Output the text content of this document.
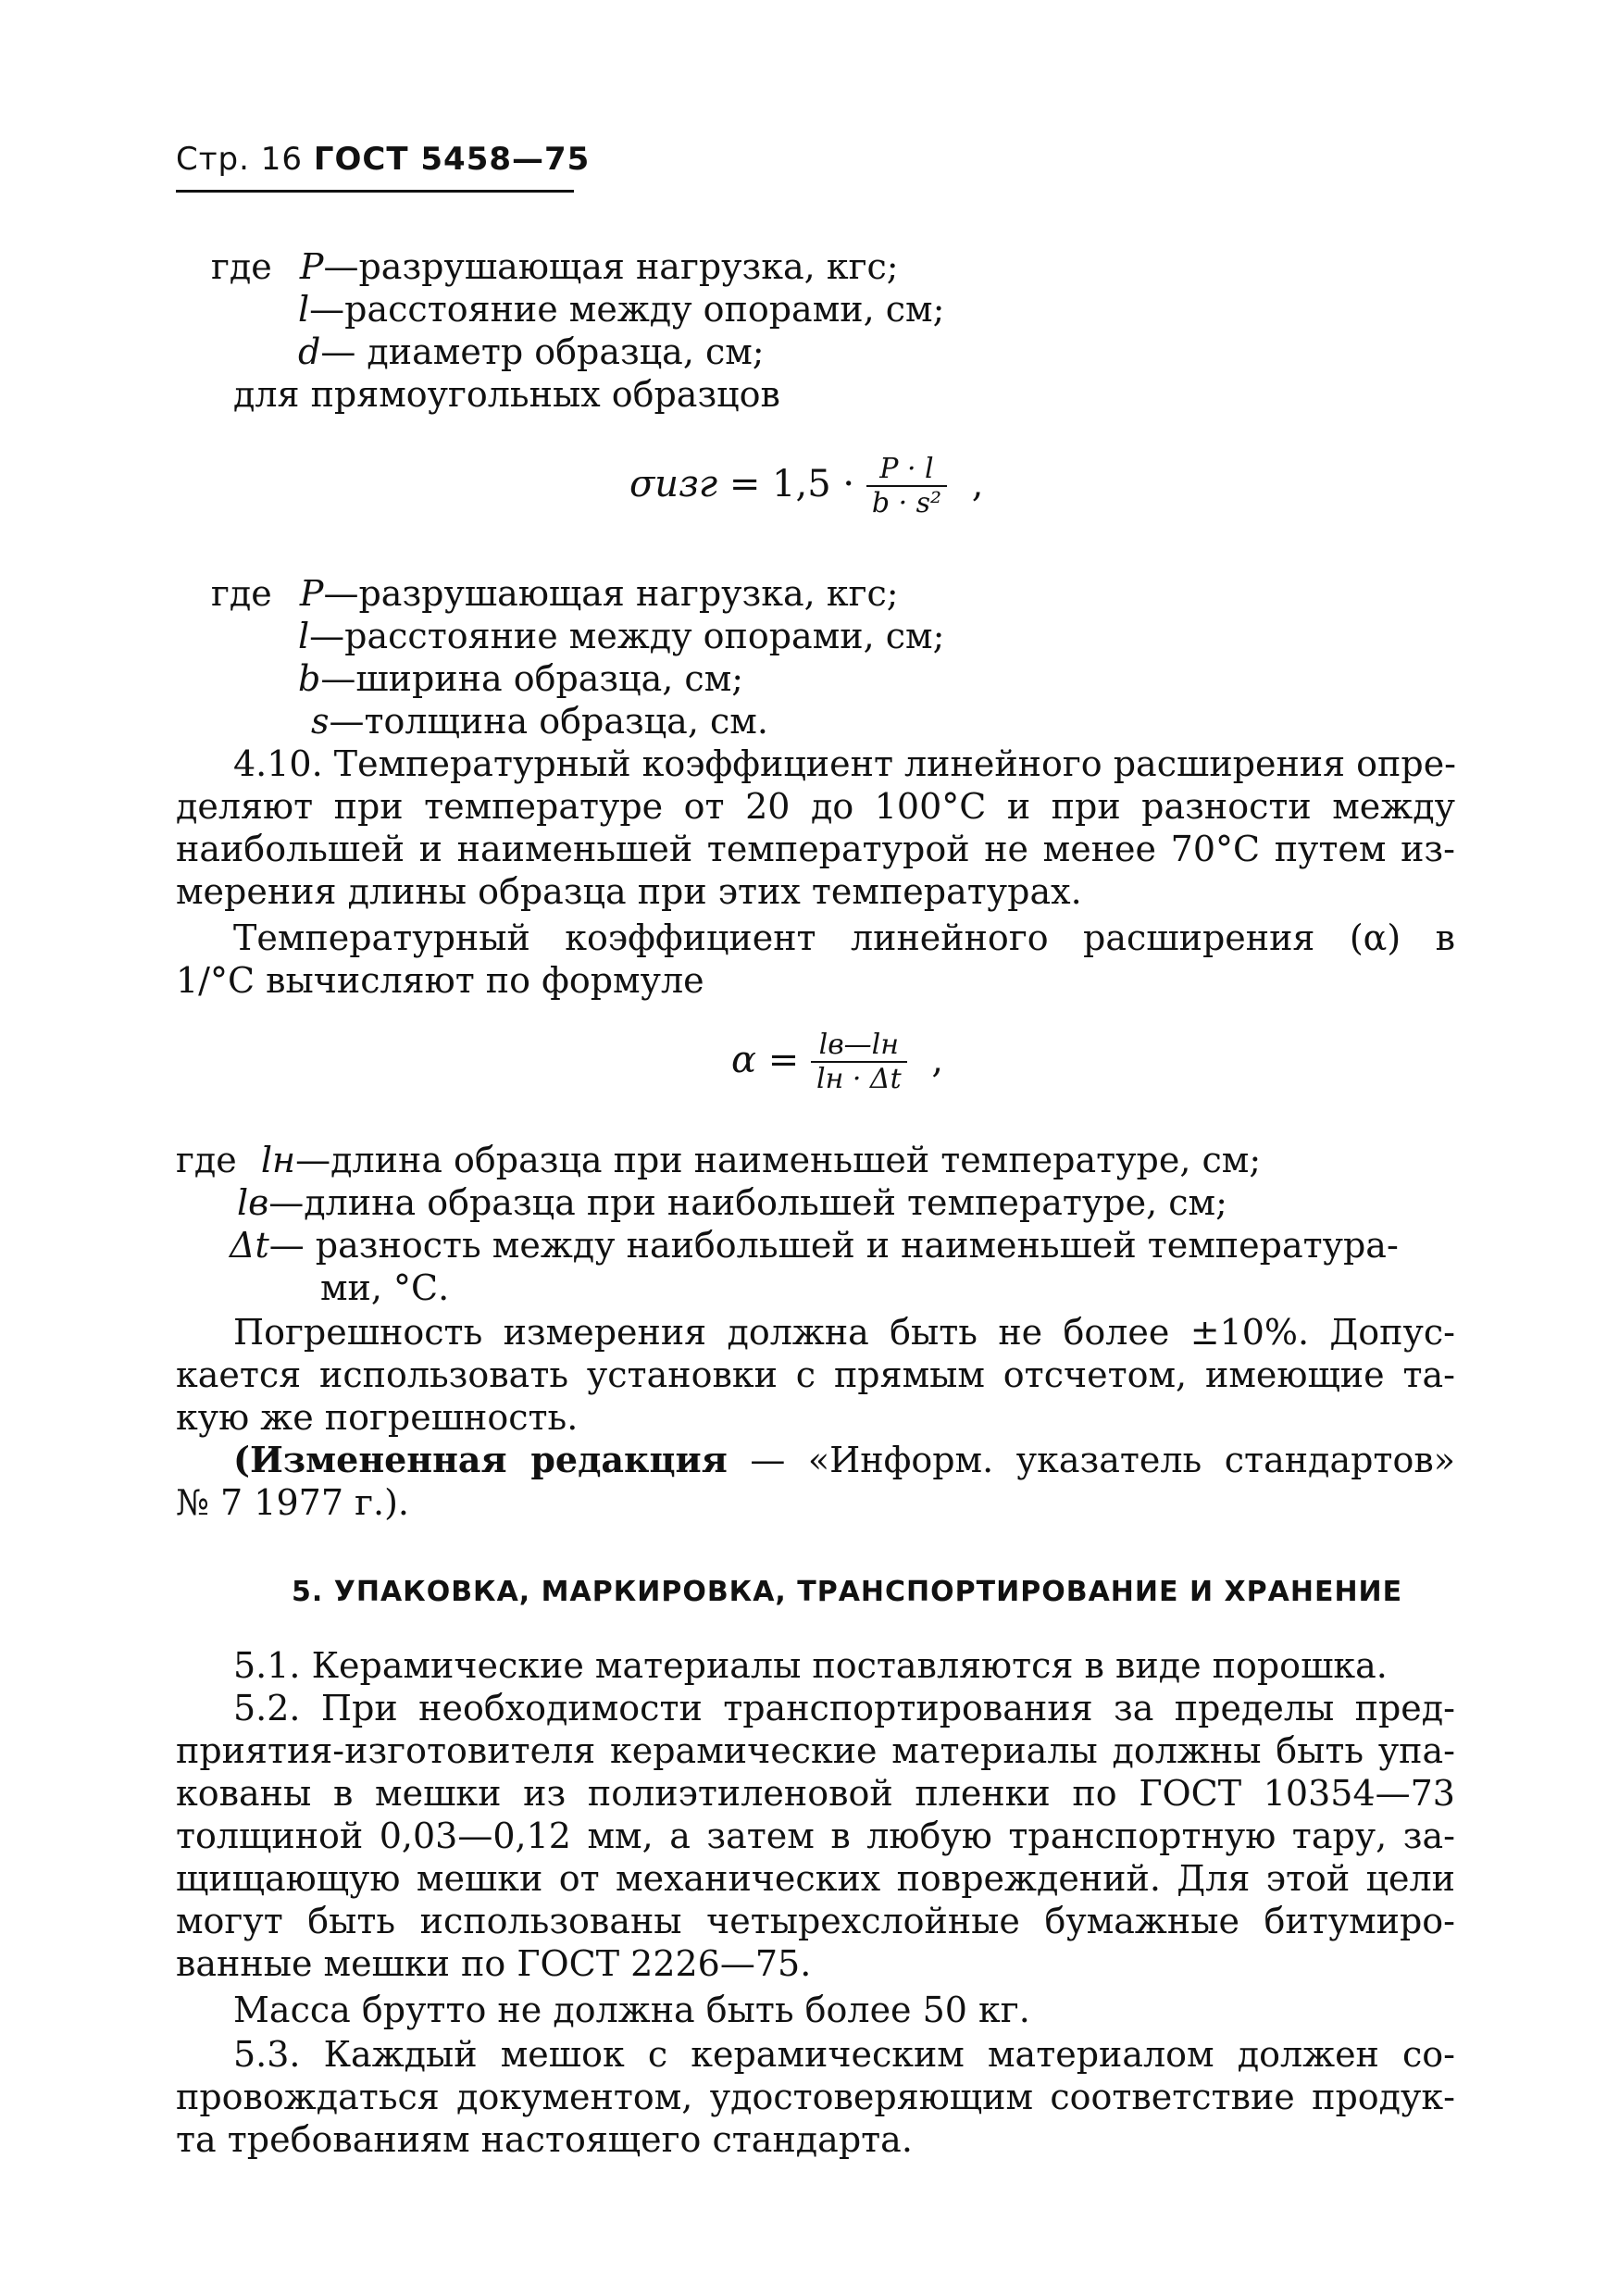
Стр. 16 ГОСТ 5458—75
где P—разрушающая нагрузка, кгс;
l—расстояние между опорами, см;
d— диаметр образца, см;
для прямоугольных образцов
$\sigma изг = 1,5 \cdot \frac{P \cdot l}{\text{b · s²}}$ ,
где P—разрушающая нагрузка, кгс;
l—расстояние между опорами, см;
b—ширина образца, см;
s—толщина образца, см.
4.10. Температурный коэффициент линейного расширения опре-
деляют при температуре от 20 до 100°С и при разности между
наибольшей и наименьшей температурой не менее 70°С путем из-
мерения длины образца при этих температурах.
Температурный коэффициент линейного расширения (α) в
1/°С вычисляют по формуле
$\alpha = \frac{lв—lн}{lн \cdot \Delta t}$ ,
где lн—длина образца при наименьшей температуре, см;
lв—длина образца при наибольшей температуре, см;
Δt— разность между наибольшей и наименьшей температура-
ми, °С.
Погрешность измерения должна быть не более ±10%. Допус-
кается использовать установки с прямым отсчетом, имеющие та-
кую же погрешность.
(Измененная редакция — «Информ. указатель стандартов»
№ 7 1977 г.).
5. УПАКОВКА, МАРКИРОВКА, ТРАНСПОРТИРОВАНИЕ И ХРАНЕНИЕ
5.1. Керамические материалы поставляются в виде порошка.
5.2. При необходимости транспортирования за пределы пред-
приятия-изготовителя керамические материалы должны быть упа-
кованы в мешки из полиэтиленовой пленки по ГОСТ 10354—73
толщиной 0,03—0,12 мм, а затем в любую транспортную тару, за-
щищающую мешки от механических повреждений. Для этой цели
могут быть использованы четырехслойные бумажные битумиро-
ванные мешки по ГОСТ 2226—75.
Масса брутто не должна быть более 50 кг.
5.3. Каждый мешок с керамическим материалом должен со-
провождаться документом, удостоверяющим соответствие продук-
та требованиям настоящего стандарта.
